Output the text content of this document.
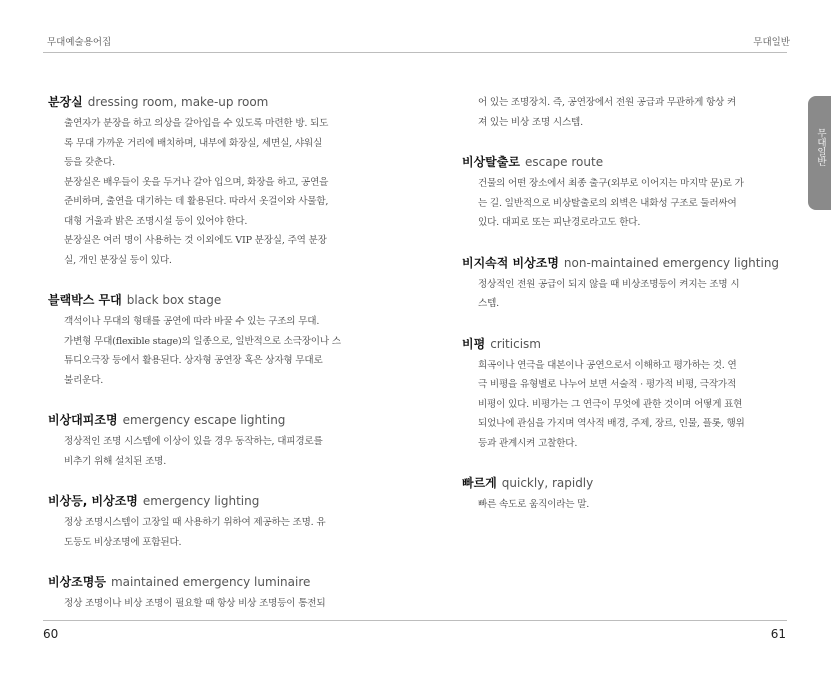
무대예술용어집	무대일반
무대일반
분장실 dressing room, make-up room

출연자가 분장을 하고 의상을 갈아입을 수 있도록 마련한 방. 되도

록 무대 가까운 거리에 배치하며, 내부에 화장실, 세면실, 샤워실

등을 갖춘다.

분장실은 배우들이 옷을 두거나 갈아 입으며, 화장을 하고, 공연을

준비하며, 출연을 대기하는 데 활용된다. 따라서 옷걸이와 사물함,

대형 거울과 밝은 조명시설 등이 있어야 한다.

분장실은 여러 명이 사용하는 것 이외에도 VIP 분장실, 주역 분장

실, 개인 분장실 등이 있다.

블랙박스 무대 black box stage

객석이나 무대의 형태를 공연에 따라 바꿀 수 있는 구조의 무대.

가변형 무대(flexible stage)의 일종으로, 일반적으로 소극장이나 스

튜디오극장 등에서 활용된다. 상자형 공연장 혹은 상자형 무대로

불리운다.

비상대피조명 emergency escape lighting

정상적인 조명 시스템에 이상이 있을 경우 동작하는, 대피경로를

비추기 위해 설치된 조명.

비상등, 비상조명 emergency lighting

정상 조명시스템이 고장일 때 사용하기 위하여 제공하는 조명. 유

도등도 비상조명에 포함된다.

비상조명등 maintained emergency luminaire

정상 조명이나 비상 조명이 필요할 때 항상 비상 조명등이 통전되

어 있는 조명장치. 즉, 공연장에서 전원 공급과 무관하게 항상 켜

져 있는 비상 조명 시스템.

비상탈출로 escape route

건물의 어떤 장소에서 최종 출구(외부로 이어지는 마지막 문)로 가

는 길. 일반적으로 비상탈출로의 외벽은 내화성 구조로 둘러싸여

있다. 대피로 또는 피난경로라고도 한다.

비지속적 비상조명 non-maintained emergency lighting

정상적인 전원 공급이 되지 않을 때 비상조명등이 켜지는 조명 시

스템.

비평 criticism

희곡이나 연극을 대본이나 공연으로서 이해하고 평가하는 것. 연

극 비평을 유형별로 나누어 보면 서술적 · 평가적 비평, 극작가적

비평이 있다. 비평가는 그 연극이 무엇에 관한 것이며 어떻게 표현

되었나에 관심을 가지며 역사적 배경, 주제, 장르, 인물, 플롯, 행위

등과 관계시켜 고찰한다.

빠르게 quickly, rapidly

빠른 속도로 움직이라는 말.

60	61
